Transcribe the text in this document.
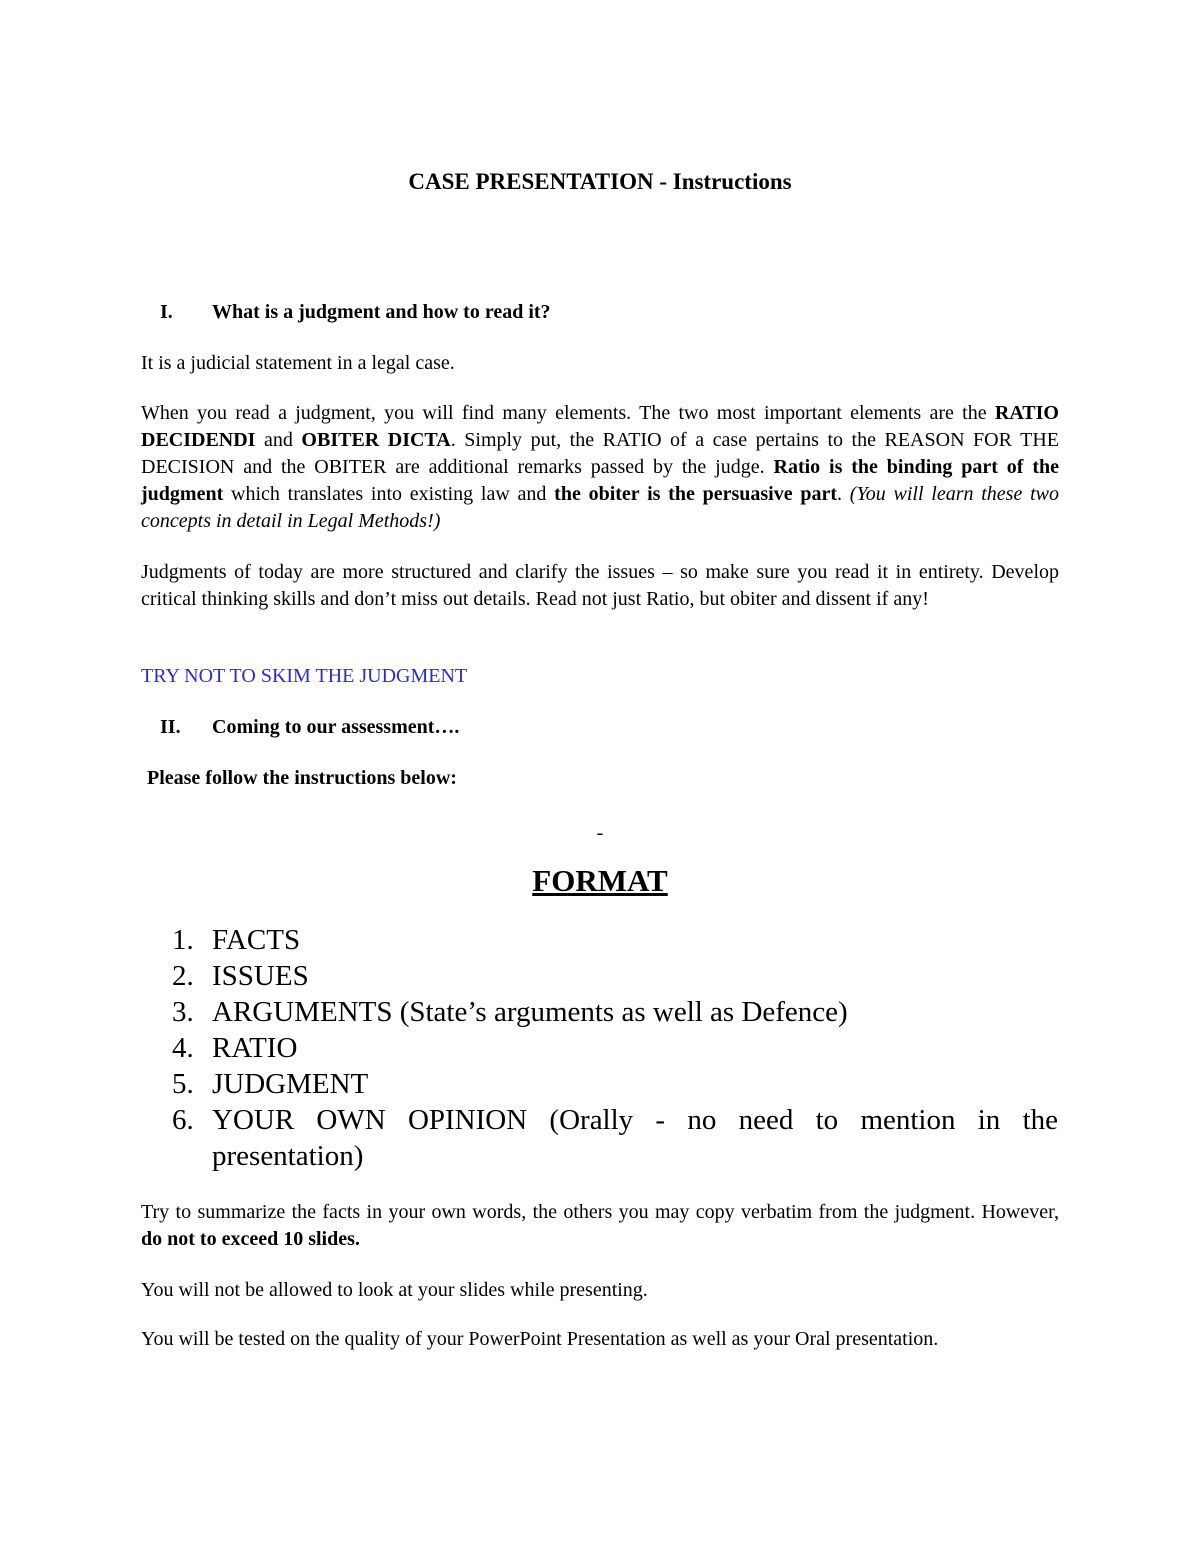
CASE PRESENTATION - Instructions
I. What is a judgment and how to read it?

It is a judicial statement in a legal case.

When you read a judgment, you will find many elements. The two most important elements are the RATIO DECIDENDI and OBITER DICTA. Simply put, the RATIO of a case pertains to the REASON FOR THE DECISION and the OBITER are additional remarks passed by the judge. Ratio is the binding part of the judgment which translates into existing law and the obiter is the persuasive part. (You will learn these two concepts in detail in Legal Methods!)

Judgments of today are more structured and clarify the issues – so make sure you read it in entirety. Develop critical thinking skills and don’t miss out details. Read not just Ratio, but obiter and dissent if any!

TRY NOT TO SKIM THE JUDGMENT

II. Coming to our assessment….
Please follow the instructions below:
-
FORMAT
1. FACTS
2. ISSUES
3. ARGUMENTS (State’s arguments as well as Defence)
4. RATIO
5. JUDGMENT
6. YOUR OWN OPINION (Orally - no need to mention in the presentation)

Try to summarize the facts in your own words, the others you may copy verbatim from the judgment. However, do not to exceed 10 slides.

You will not be allowed to look at your slides while presenting.

You will be tested on the quality of your PowerPoint Presentation as well as your Oral presentation.
